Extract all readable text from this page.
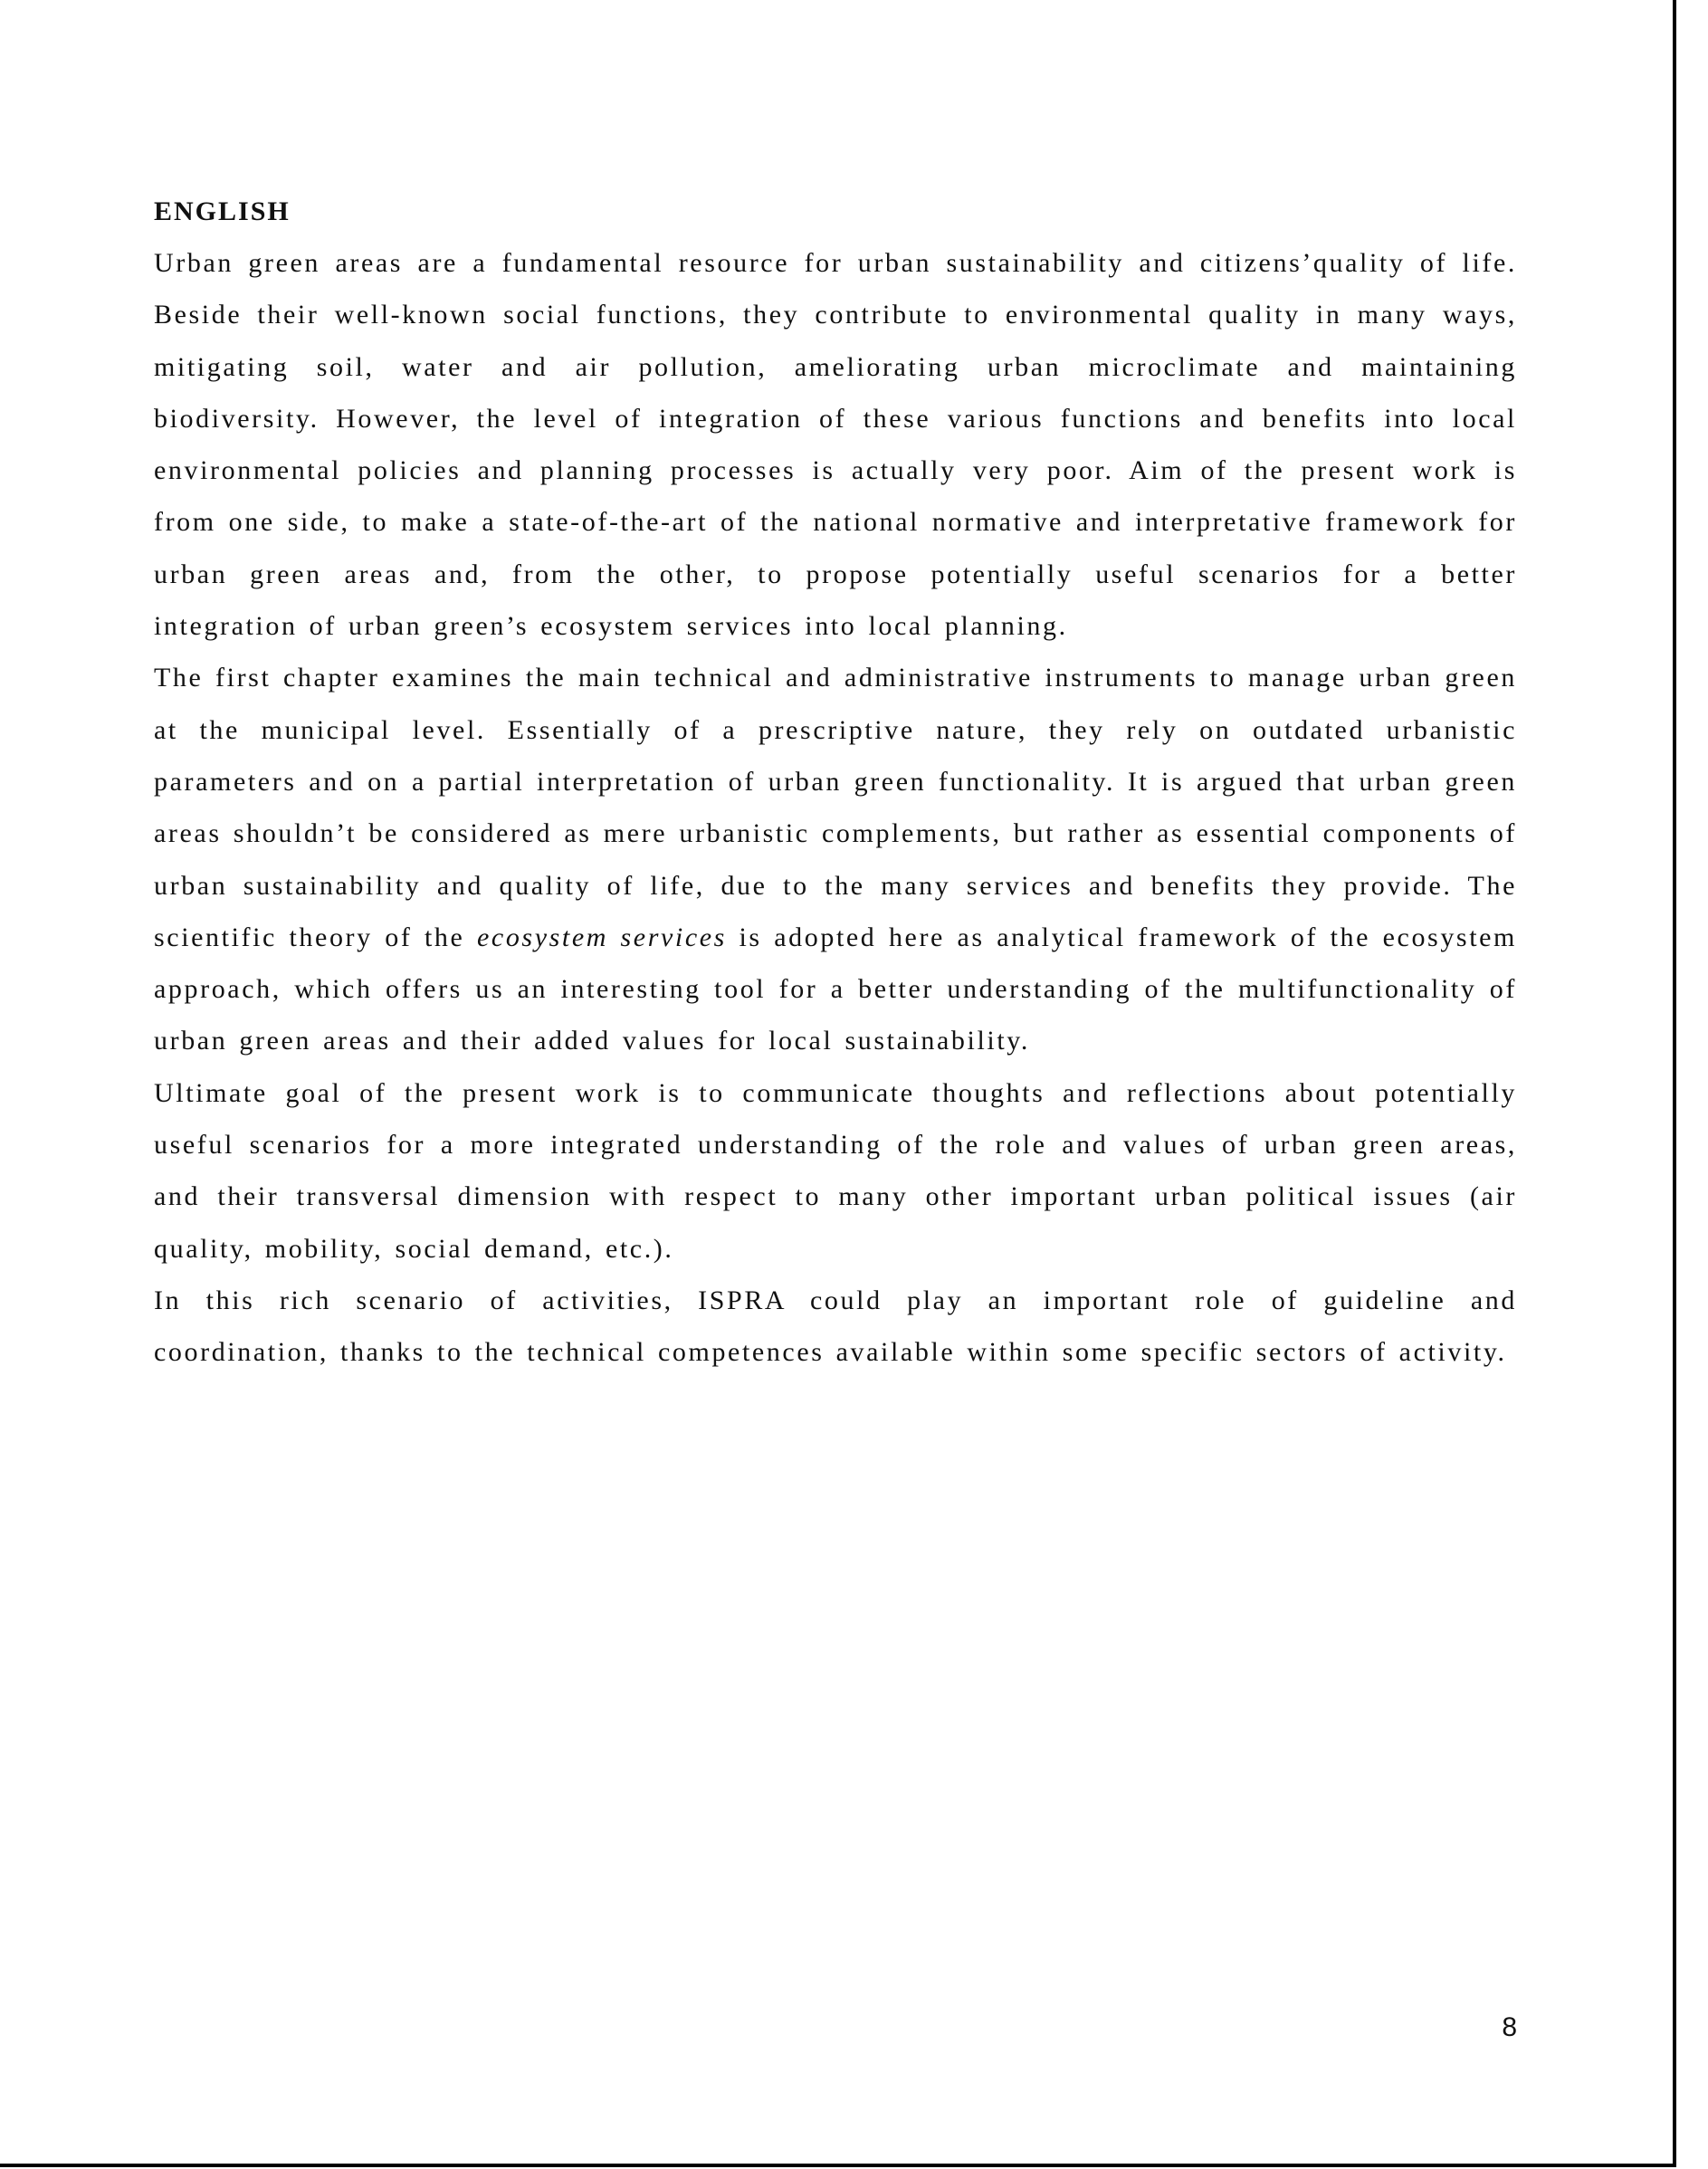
ENGLISH

Urban green areas are a fundamental resource for urban sustainability and citizens’quality of life. Beside their well-known social functions, they contribute to environmental quality in many ways, mitigating soil, water and air pollution, ameliorating urban microclimate and maintaining biodiversity. However, the level of integration of these various functions and benefits into local environmental policies and planning processes is actually very poor. Aim of the present work is from one side, to make a state-of-the-art of the national normative and interpretative framework for urban green areas and, from the other, to propose potentially useful scenarios for a better integration of urban green’s ecosystem services into local planning.

The first chapter examines the main technical and administrative instruments to manage urban green at the municipal level. Essentially of a prescriptive nature, they rely on outdated urbanistic parameters and on a partial interpretation of urban green functionality. It is argued that urban green areas shouldn’t be considered as mere urbanistic complements, but rather as essential components of urban sustainability and quality of life, due to the many services and benefits they provide. The scientific theory of the ecosystem services is adopted here as analytical framework of the ecosystem approach, which offers us an interesting tool for a better understanding of the multifunctionality of urban green areas and their added values for local sustainability.

Ultimate goal of the present work is to communicate thoughts and reflections about potentially useful scenarios for a more integrated understanding of the role and values of urban green areas, and their transversal dimension with respect to many other important urban political issues (air quality, mobility, social demand, etc.).

In this rich scenario of activities, ISPRA could play an important role of guideline and coordination, thanks to the technical competences available within some specific sectors of activity.

8
